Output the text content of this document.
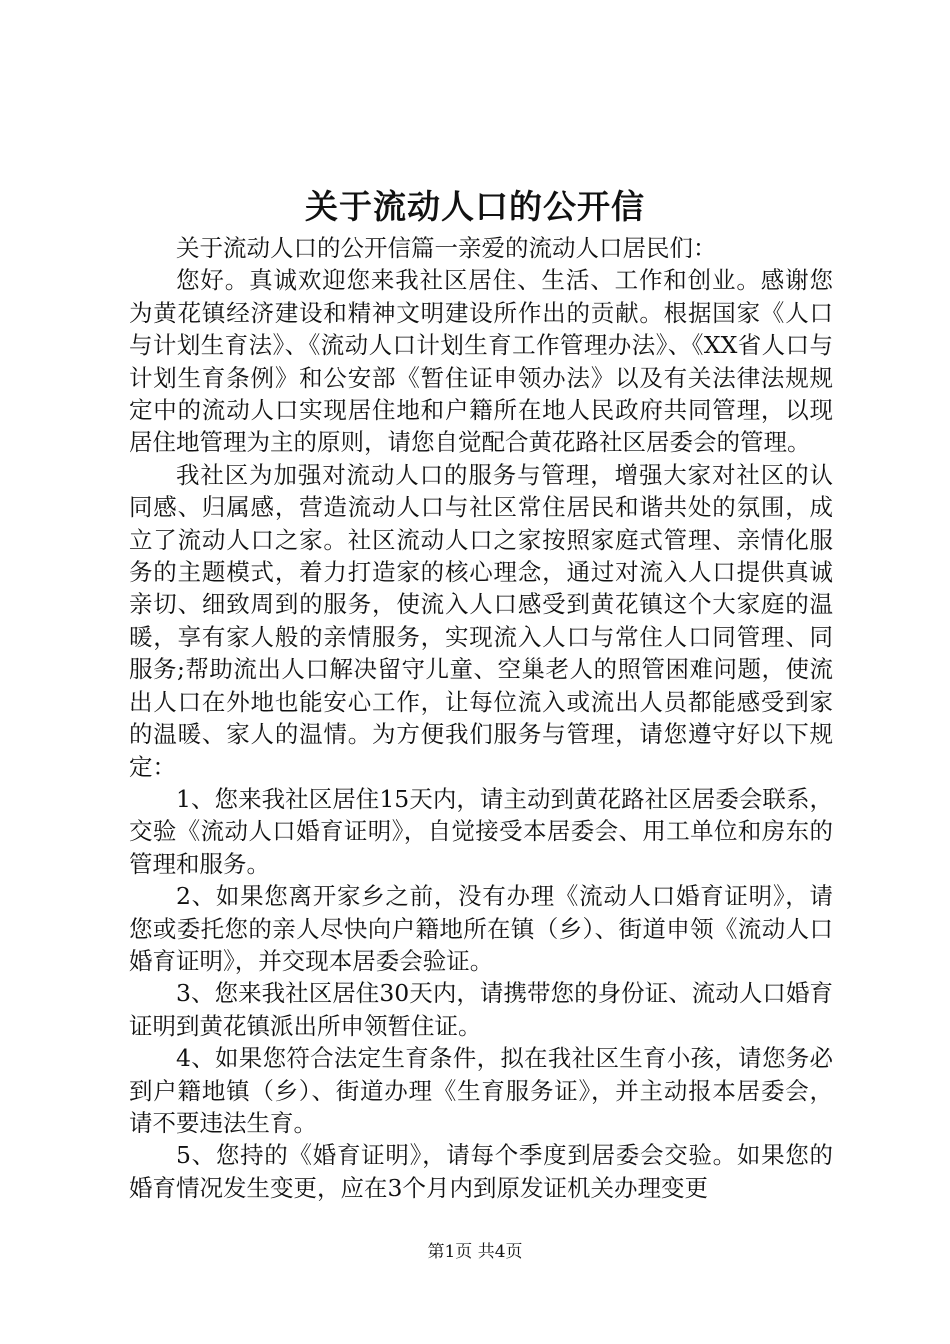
关于流动人口的公开信

关于流动人口的公开信篇一亲爱的流动人口居民们：

您好。真诚欢迎您来我社区居住、生活、工作和创业。感谢您为黄花镇经济建设和精神文明建设所作出的贡献。根据国家《人口与计划生育法》、《流动人口计划生育工作管理办法》、《XX省人口与计划生育条例》和公安部《暂住证申领办法》以及有关法律法规规定中的流动人口实现居住地和户籍所在地人民政府共同管理，以现居住地管理为主的原则，请您自觉配合黄花路社区居委会的管理。

我社区为加强对流动人口的服务与管理，增强大家对社区的认同感、归属感，营造流动人口与社区常住居民和谐共处的氛围，成立了流动人口之家。社区流动人口之家按照家庭式管理、亲情化服务的主题模式，着力打造家的核心理念，通过对流入人口提供真诚亲切、细致周到的服务，使流入人口感受到黄花镇这个大家庭的温暖，享有家人般的亲情服务，实现流入人口与常住人口同管理、同服务;帮助流出人口解决留守儿童、空巢老人的照管困难问题，使流出人口在外地也能安心工作，让每位流入或流出人员都能感受到家的温暖、家人的温情。为方便我们服务与管理，请您遵守好以下规定：

1、您来我社区居住15天内，请主动到黄花路社区居委会联系，交验《流动人口婚育证明》，自觉接受本居委会、用工单位和房东的管理和服务。

2、如果您离开家乡之前，没有办理《流动人口婚育证明》，请您或委托您的亲人尽快向户籍地所在镇（乡）、街道申领《流动人口婚育证明》，并交现本居委会验证。

3、您来我社区居住30天内，请携带您的身份证、流动人口婚育证明到黄花镇派出所申领暂住证。

4、如果您符合法定生育条件，拟在我社区生育小孩，请您务必到户籍地镇（乡）、街道办理《生育服务证》，并主动报本居委会，请不要违法生育。

5、您持的《婚育证明》，请每个季度到居委会交验。如果您的婚育情况发生变更，应在3个月内到原发证机关办理变更

第1页 共4页
